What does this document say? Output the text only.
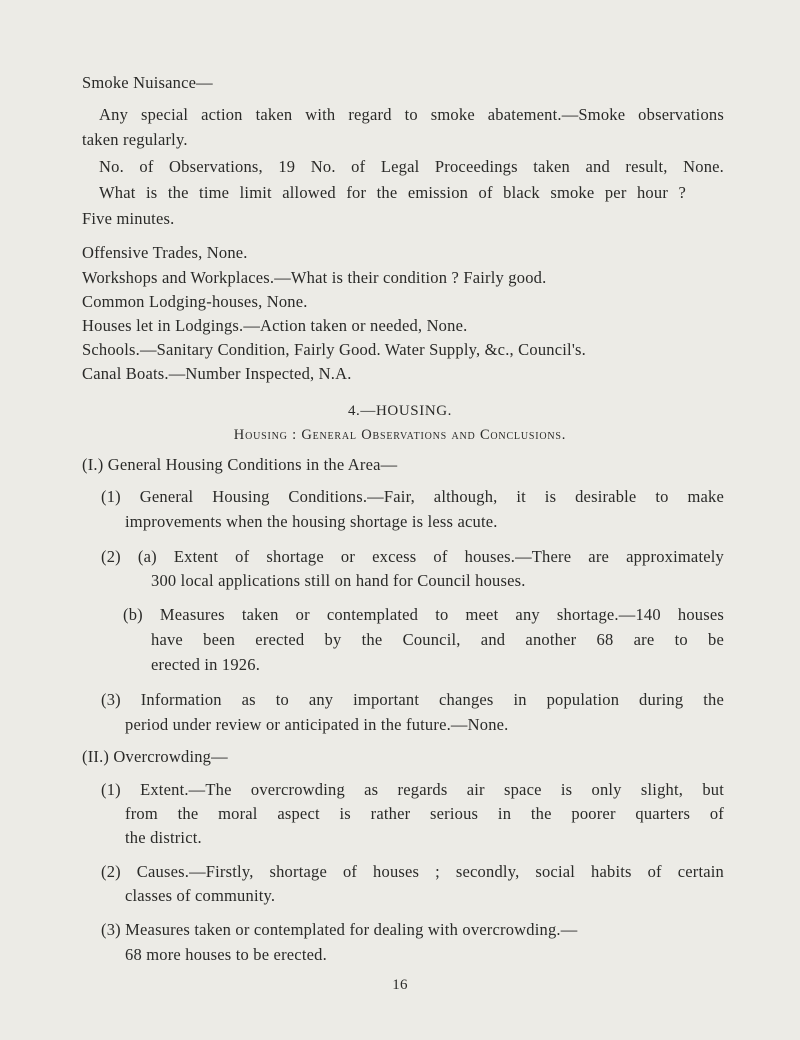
Smoke Nuisance—
Any special action taken with regard to smoke abatement.—Smoke observations
taken regularly.
No. of Observations, 19 No. of Legal Proceedings taken and result, None.
What is the time limit allowed for the emission of black smoke per hour ?
Five minutes.
Offensive Trades, None.
Workshops and Workplaces.—What is their condition ? Fairly good.
Common Lodging-houses, None.
Houses let in Lodgings.—Action taken or needed, None.
Schools.—Sanitary Condition, Fairly Good. Water Supply, &c., Council's.
Canal Boats.—Number Inspected, N.A.
4.—HOUSING.
Housing : General Observations and Conclusions.
(I.) General Housing Conditions in the Area—
(1) General Housing Conditions.—Fair, although, it is desirable to make
improvements when the housing shortage is less acute.
(2) (a) Extent of shortage or excess of houses.—There are approximately
300 local applications still on hand for Council houses.
(b) Measures taken or contemplated to meet any shortage.—140 houses
have been erected by the Council, and another 68 are to be
erected in 1926.
(3) Information as to any important changes in population during the
period under review or anticipated in the future.—None.
(II.) Overcrowding—
(1) Extent.—The overcrowding as regards air space is only slight, but
from the moral aspect is rather serious in the poorer quarters of
the district.
(2) Causes.—Firstly, shortage of houses ; secondly, social habits of certain
classes of community.
(3) Measures taken or contemplated for dealing with overcrowding.—
68 more houses to be erected.
16
